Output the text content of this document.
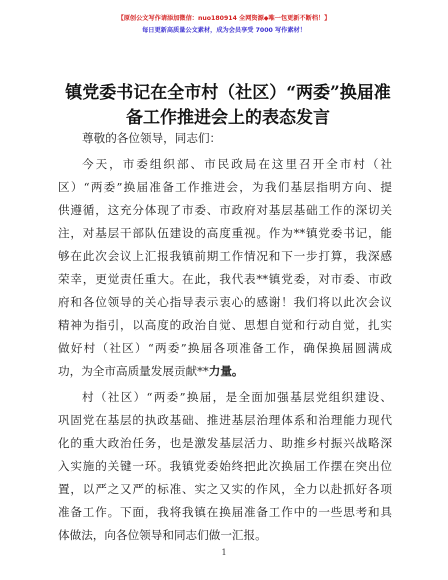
【原创公文写作请添加微信：nuo180914 全网资源◆唯一包更新不断档！】
每日更新高质量公文素材，成为会员享受 7000 写作素材！
镇党委书记在全市村（社区）“两委”换届准
备工作推进会上的表态发言
尊敬的各位领导，同志们：
今天，市委组织部、市民政局在这里召开全市村（社
区）“两委”换届准备工作推进会，为我们基层指明方向、提
供遵循，这充分体现了市委、市政府对基层基础工作的深切关
注，对基层干部队伍建设的高度重视。作为**镇党委书记，能
够在此次会议上汇报我镇前期工作情况和下一步打算，我深感
荣幸，更觉责任重大。在此，我代表**镇党委，对市委、市政
府和各位领导的关心指导表示衷心的感谢！我们将以此次会议
精神为指引，以高度的政治自觉、思想自觉和行动自觉，扎实
做好村（社区）“两委”换届各项准备工作，确保换届圆满成
功，为全市高质量发展贡献**力量。
村（社区）“两委”换届，是全面加强基层党组织建设、
巩固党在基层的执政基础、推进基层治理体系和治理能力现代
化的重大政治任务，也是激发基层活力、助推乡村振兴战略深
入实施的关键一环。我镇党委始终把此次换届工作摆在突出位
置，以严之又严的标准、实之又实的作风，全力以赴抓好各项
准备工作。下面，我将我镇在换届准备工作中的一些思考和具
体做法，向各位领导和同志们做一汇报。
1
